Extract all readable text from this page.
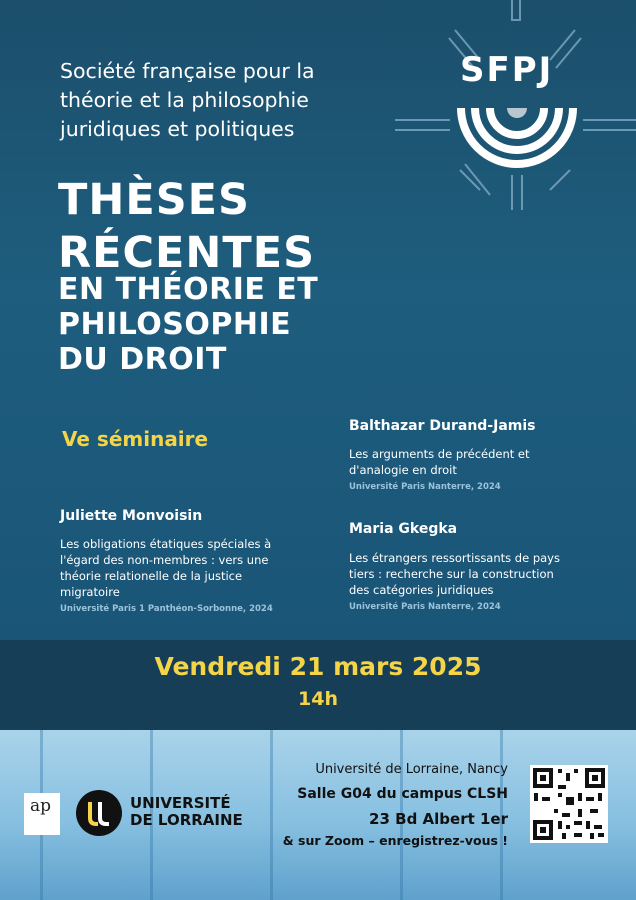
SFPJ
Société française pour la
théorie et la philosophie
juridiques et politiques
THÈSES
RÉCENTES
EN THÉORIE ET
PHILOSOPHIE
DU DROIT
Ve séminaire
Balthazar Durand-Jamis
Les arguments de précédent et
d'analogie en droit
Université Paris Nanterre, 2024
Juliette Monvoisin
Les obligations étatiques spéciales à
l'égard des non-membres : vers une
théorie relationelle de la justice
migratoire
Université Paris 1 Panthéon-Sorbonne, 2024
Maria Gkegka
Les étrangers ressortissants de pays
tiers : recherche sur la construction
des catégories juridiques
Université Paris Nanterre, 2024
Vendredi 21 mars 2025
14h
Université de Lorraine, Nancy
Salle G04 du campus CLSH
23 Bd Albert 1er
& sur Zoom – enregistrez-vous !
ap	UNIVERSITÉ
DE LORRAINE
